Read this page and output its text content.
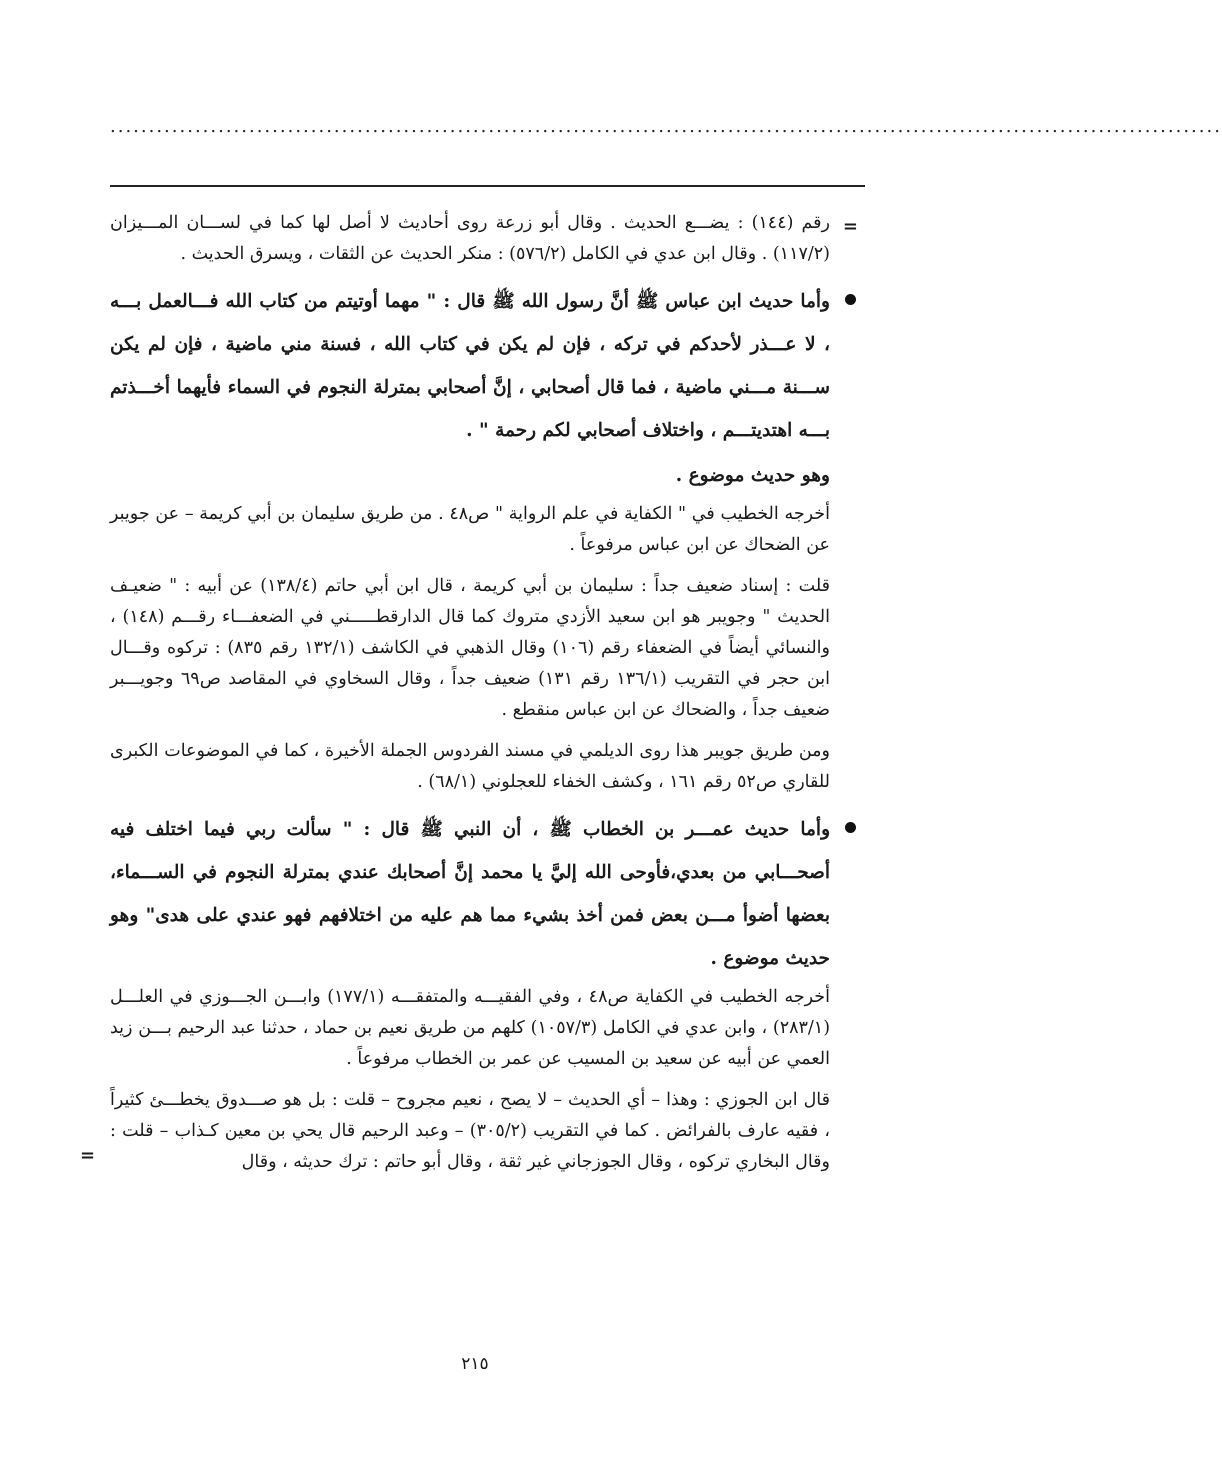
................................................................................................................................................
=

رقم (١٤٤) : يضـــع الحديث . وقال أبو زرعة روى أحاديث لا أصل لها كما في لســـان المـــيزان (١١٧/٢) . وقال ابن عدي في الكامل (٥٧٦/٢) : منكر الحديث عن الثقات ، ويسرق الحديث .

وأما حديث ابن عباس ﷺ أنَّ رسول الله ﷺ قال : " مهما أوتيتم من كتاب الله فـــالعمل بـــه ، لا عـــذر لأحدكم في تركه ، فإن لم يكن في كتاب الله ، فسنة مني ماضية ، فإن لم يكن ســـنة مـــني ماضية ، فما قال أصحابي ، إنَّ أصحابي بمترلة النجوم في السماء فأيهما أخـــذتم بـــه اهتديتـــم ، واختلاف أصحابي لكم رحمة " .

وهو حديث موضوع .

أخرجه الخطيب في " الكفاية في علم الرواية " ص٤٨ . من طريق سليمان بن أبي كريمة – عن جويبر عن الضحاك عن ابن عباس مرفوعاً .

قلت : إسناد ضعيف جداً : سليمان بن أبي كريمة ، قال ابن أبي حاتم (١٣٨/٤) عن أبيه : " ضعيـف الحديث " وجويبر هو ابن سعيد الأزدي متروك كما قال الدارقطـــــني في الضعفـــاء رقـــم (١٤٨) ، والنسائي أيضاً في الضعفاء رقم (١٠٦) وقال الذهبي في الكاشف (١٣٢/١ رقم ٨٣٥) : تركوه وقـــال ابن حجر في التقريب (١٣٦/١ رقم ١٣١) ضعيف جداً ، وقال السخاوي في المقاصد ص٦٩ وجويـــبر ضعيف جداً ، والضحاك عن ابن عباس منقطع .

ومن طريق جويبر هذا روى الديلمي في مسند الفردوس الجملة الأخيرة ، كما في الموضوعات الكبرى للقاري ص٥٢ رقم ١٦١ ، وكشف الخفاء للعجلوني (٦٨/١) .

وأما حديث عمـــر بن الخطاب ﷺ ، أن النبي ﷺ قال : " سألت ربي فيما اختلف فيه أصحـــابي من بعدي،فأوحى الله إليَّ يا محمد إنَّ أصحابك عندي بمترلة النجوم في الســـماء، بعضها أضوأ مـــن بعض فمن أخذ بشيء مما هم عليه من اختلافهم فهو عندي على هدى" وهو حديث موضوع .

أخرجه الخطيب في الكفاية ص٤٨ ، وفي الفقيـــه والمتفقـــه (١٧٧/١) وابـــن الجـــوزي في العلـــل (٢٨٣/١) ، وابن عدي في الكامل (١٠٥٧/٣) كلهم من طريق نعيم بن حماد ، حدثنا عبد الرحيم بـــن زيد العمي عن أبيه عن سعيد بن المسيب عن عمر بن الخطاب مرفوعاً .

قال ابن الجوزي : وهذا – أي الحديث – لا يصح ، نعيم مجروح – قلت : بل هو صـــدوق يخطـــئ كثيراً ، فقيه عارف بالفرائض . كما في التقريب (٣٠٥/٢) – وعبد الرحيم قال يحي بن معين كـذاب – قلت : وقال البخاري تركوه ، وقال الجوزجاني غير ثقة ، وقال أبو حاتم : ترك حديثه ، وقال

=
٢١٥
